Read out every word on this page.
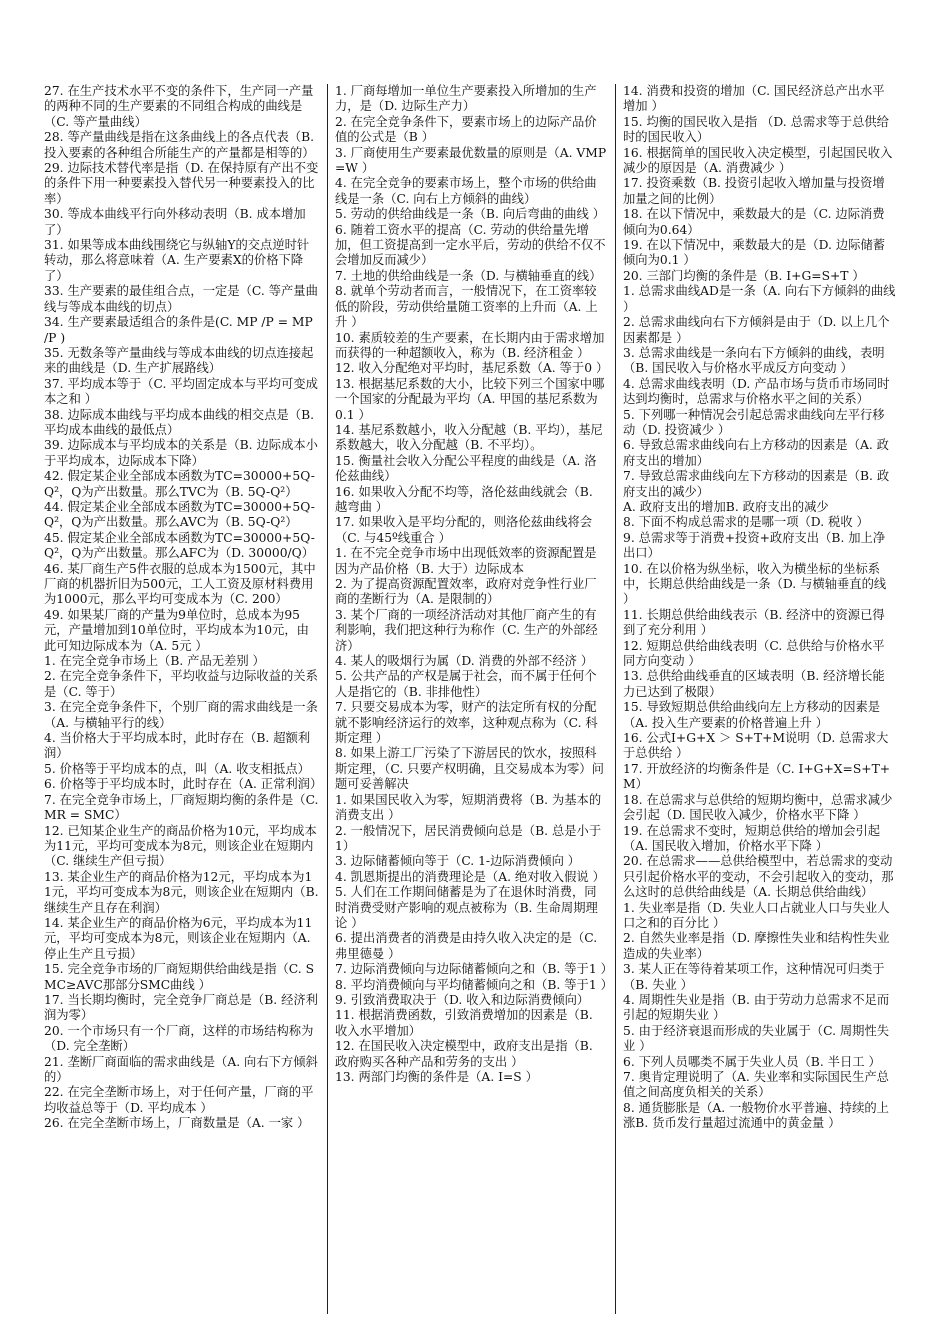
27. 在生产技术水平不变的条件下，生产同一产量的两种不同的生产要素的不同组合构成的曲线是（C. 等产量曲线）

28. 等产量曲线是指在这条曲线上的各点代表（B. 投入要素的各种组合所能生产的产量都是相等的）

29. 边际技术替代率是指（D. 在保持原有产出不变的条件下用一种要素投入替代另一种要素投入的比率）

30. 等成本曲线平行向外移动表明（B. 成本增加了）

31. 如果等成本曲线围绕它与纵轴Y的交点逆时针转动，那么将意味着（A. 生产要素X的价格下降了）

33. 生产要素的最佳组合点，一定是（C. 等产量曲线与等成本曲线的切点）

34. 生产要素最适组合的条件是(C. MP /P = MP /P )

35. 无数条等产量曲线与等成本曲线的切点连接起来的曲线是（D. 生产扩展路线）

37. 平均成本等于（C. 平均固定成本与平均可变成本之和 ）

38. 边际成本曲线与平均成本曲线的相交点是（B. 平均成本曲线的最低点）

39. 边际成本与平均成本的关系是（B. 边际成本小于平均成本，边际成本下降）

42. 假定某企业全部成本函数为TC=30000+5Q-Q²，Q为产出数量。那么TVC为（B. 5Q-Q²）

44. 假定某企业全部成本函数为TC=30000+5Q-Q²，Q为产出数量。那么AVC为（B. 5Q-Q²）

45. 假定某企业全部成本函数为TC=30000+5Q-Q²，Q为产出数量。那么AFC为（D. 30000/Q）

46. 某厂商生产5件衣服的总成本为1500元，其中厂商的机器折旧为500元，工人工资及原材料费用为1000元，那么平均可变成本为（C. 200）

49. 如果某厂商的产量为9单位时，总成本为95元，产量增加到10单位时，平均成本为10元，由此可知边际成本为（A. 5元 ）

1. 在完全竞争市场上（B. 产品无差别 ）

2. 在完全竞争条件下，平均收益与边际收益的关系是（C. 等于）

3. 在完全竞争条件下，个别厂商的需求曲线是一条（A. 与横轴平行的线）

4. 当价格大于平均成本时，此时存在（B. 超额利润）

5. 价格等于平均成本的点，叫（A. 收支相抵点）

6. 价格等于平均成本时，此时存在（A. 正常利润）

7. 在完全竞争市场上，厂商短期均衡的条件是（C. MR = SMC）

12. 已知某企业生产的商品价格为10元，平均成本为11元，平均可变成本为8元，则该企业在短期内（C. 继续生产但亏损）

13. 某企业生产的商品价格为12元，平均成本为11元，平均可变成本为8元，则该企业在短期内（B. 继续生产且存在利润）

14. 某企业生产的商品价格为6元，平均成本为11元，平均可变成本为8元，则该企业在短期内（A. 停止生产且亏损）

15. 完全竞争市场的厂商短期供给曲线是指（C. SMC≥AVC那部分SMC曲线 ）

17. 当长期均衡时，完全竞争厂商总是（B. 经济利润为零）

20. 一个市场只有一个厂商，这样的市场结构称为（D. 完全垄断）

21. 垄断厂商面临的需求曲线是（A. 向右下方倾斜的）

22. 在完全垄断市场上，对于任何产量，厂商的平均收益总等于（D. 平均成本 ）

26. 在完全垄断市场上，厂商数量是（A. 一家 ）

1. 厂商每增加一单位生产要素投入所增加的生产力，是（D. 边际生产力）

2. 在完全竞争条件下，要素市场上的边际产品价值的公式是（B ）

3. 厂商使用生产要素最优数量的原则是（A. VMP=W ）

4. 在完全竞争的要素市场上，整个市场的供给曲线是一条（C. 向右上方倾斜的曲线）

5. 劳动的供给曲线是一条（B. 向后弯曲的曲线 ）

6. 随着工资水平的提高（C. 劳动的供给量先增加，但工资提高到一定水平后，劳动的供给不仅不会增加反而减少）

7. 土地的供给曲线是一条（D. 与横轴垂直的线）

8. 就单个劳动者而言，一般情况下，在工资率较低的阶段，劳动供给量随工资率的上升而（A. 上升 ）

10. 素质较差的生产要素，在长期内由于需求增加而获得的一种超额收入，称为（B. 经济租金 ）

12. 收入分配绝对平均时，基尼系数（A. 等于0 ）

13. 根据基尼系数的大小，比较下列三个国家中哪一个国家的分配最为平均（A. 甲国的基尼系数为0.1 ）

14. 基尼系数越小，收入分配越（B. 平均），基尼系数越大，收入分配越（B. 不平均）。

15. 衡量社会收入分配公平程度的曲线是（A. 洛伦兹曲线）

16. 如果收入分配不均等，洛伦兹曲线就会（B. 越弯曲 ）

17. 如果收入是平均分配的，则洛伦兹曲线将会（C. 与45º线重合 ）

1. 在不完全竞争市场中出现低效率的资源配置是因为产品价格（B. 大于）边际成本

2. 为了提高资源配置效率，政府对竞争性行业厂商的垄断行为（A. 是限制的）

3. 某个厂商的一项经济活动对其他厂商产生的有利影响，我们把这种行为称作（C. 生产的外部经济）

4. 某人的吸烟行为属（D. 消费的外部不经济 ）

5. 公共产品的产权是属于社会，而不属于任何个人是指它的（B. 非排他性）

7. 只要交易成本为零，财产的法定所有权的分配就不影响经济运行的效率，这种观点称为（C. 科斯定理 ）

8. 如果上游工厂污染了下游居民的饮水，按照科斯定理，（C. 只要产权明确，且交易成本为零）问题可妥善解决

1. 如果国民收入为零，短期消费将（B. 为基本的消费支出 ）

2. 一般情况下，居民消费倾向总是（B. 总是小于1）

3. 边际储蓄倾向等于（C. 1-边际消费倾向 ）

4. 凯恩斯提出的消费理论是（A. 绝对收入假说 ）

5. 人们在工作期间储蓄是为了在退休时消费，同时消费受财产影响的观点被称为（B. 生命周期理论 ）

6. 提出消费者的消费是由持久收入决定的是（C. 弗里德曼 ）

7. 边际消费倾向与边际储蓄倾向之和（B. 等于1 ）

8. 平均消费倾向与平均储蓄倾向之和（B. 等于1 ）

9. 引致消费取决于（D. 收入和边际消费倾向）

11. 根据消费函数，引致消费增加的因素是（B. 收入水平增加）

12. 在国民收入决定模型中，政府支出是指（B. 政府购买各种产品和劳务的支出 ）

13. 两部门均衡的条件是（A. I=S ）

14. 消费和投资的增加（C. 国民经济总产出水平增加 ）

15. 均衡的国民收入是指 （D. 总需求等于总供给时的国民收入）

16. 根据简单的国民收入决定模型，引起国民收入减少的原因是（A. 消费减少 ）

17. 投资乘数（B. 投资引起收入增加量与投资增加量之间的比例）

18. 在以下情况中，乘数最大的是（C. 边际消费倾向为0.64）

19. 在以下情况中，乘数最大的是（D. 边际储蓄倾向为0.1 ）

20. 三部门均衡的条件是（B. I+G=S+T ）

1. 总需求曲线AD是一条（A. 向右下方倾斜的曲线 ）

2. 总需求曲线向右下方倾斜是由于（D. 以上几个因素都是 ）

3. 总需求曲线是一条向右下方倾斜的曲线，表明（B. 国民收入与价格水平成反方向变动 ）

4. 总需求曲线表明（D. 产品市场与货币市场同时达到均衡时，总需求与价格水平之间的关系）

5. 下列哪一种情况会引起总需求曲线向左平行移动（D. 投资减少 ）

6. 导致总需求曲线向右上方移动的因素是（A. 政府支出的增加）

7. 导致总需求曲线向左下方移动的因素是（B. 政府支出的减少）

A. 政府支出的增加B. 政府支出的减少

8. 下面不构成总需求的是哪一项（D. 税收 ）

9. 总需求等于消费+投资+政府支出（B. 加上净出口）

10. 在以价格为纵坐标，收入为横坐标的坐标系中，长期总供给曲线是一条（D. 与横轴垂直的线 ）

11. 长期总供给曲线表示（B. 经济中的资源已得到了充分利用 ）

12. 短期总供给曲线表明（C. 总供给与价格水平同方向变动 ）

13. 总供给曲线垂直的区域表明（B. 经济增长能力已达到了极限）

15. 导致短期总供给曲线向左上方移动的因素是（A. 投入生产要素的价格普遍上升 ）

16. 公式I+G+X ＞ S+T+M说明（D. 总需求大于总供给 ）

17. 开放经济的均衡条件是（C. I+G+X=S+T+M）

18. 在总需求与总供给的短期均衡中，总需求减少会引起（D. 国民收入减少，价格水平下降 ）

19. 在总需求不变时，短期总供给的增加会引起（A. 国民收入增加，价格水平下降 ）

20. 在总需求——总供给模型中，若总需求的变动只引起价格水平的变动，不会引起收入的变动，那么这时的总供给曲线是（A. 长期总供给曲线）

1. 失业率是指（D. 失业人口占就业人口与失业人口之和的百分比 ）

2. 自然失业率是指（D. 摩擦性失业和结构性失业造成的失业率）

3. 某人正在等待着某项工作，这种情况可归类于（B. 失业 ）

4. 周期性失业是指（B. 由于劳动力总需求不足而引起的短期失业 ）

5. 由于经济衰退而形成的失业属于（C. 周期性失业 ）

6. 下列人员哪类不属于失业人员（B. 半日工 ）

7. 奥肯定理说明了（A. 失业率和实际国民生产总值之间高度负相关的关系）

8. 通货膨胀是（A. 一般物价水平普遍、持续的上涨B. 货币发行量超过流通中的黄金量 ）
